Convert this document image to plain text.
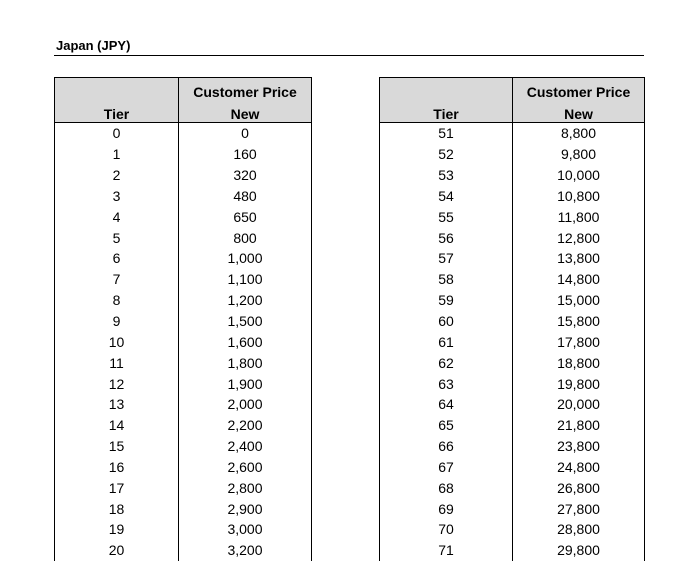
Japan (JPY)
	Customer Price
Tier	New
0	0
1	160
2	320
3	480
4	650
5	800
6	1,000
7	1,100
8	1,200
9	1,500
10	1,600
11	1,800
12	1,900
13	2,000
14	2,200
15	2,400
16	2,600
17	2,800
18	2,900
19	3,000
20	3,200
	Customer Price
Tier	New
51	8,800
52	9,800
53	10,000
54	10,800
55	11,800
56	12,800
57	13,800
58	14,800
59	15,000
60	15,800
61	17,800
62	18,800
63	19,800
64	20,000
65	21,800
66	23,800
67	24,800
68	26,800
69	27,800
70	28,800
71	29,800
